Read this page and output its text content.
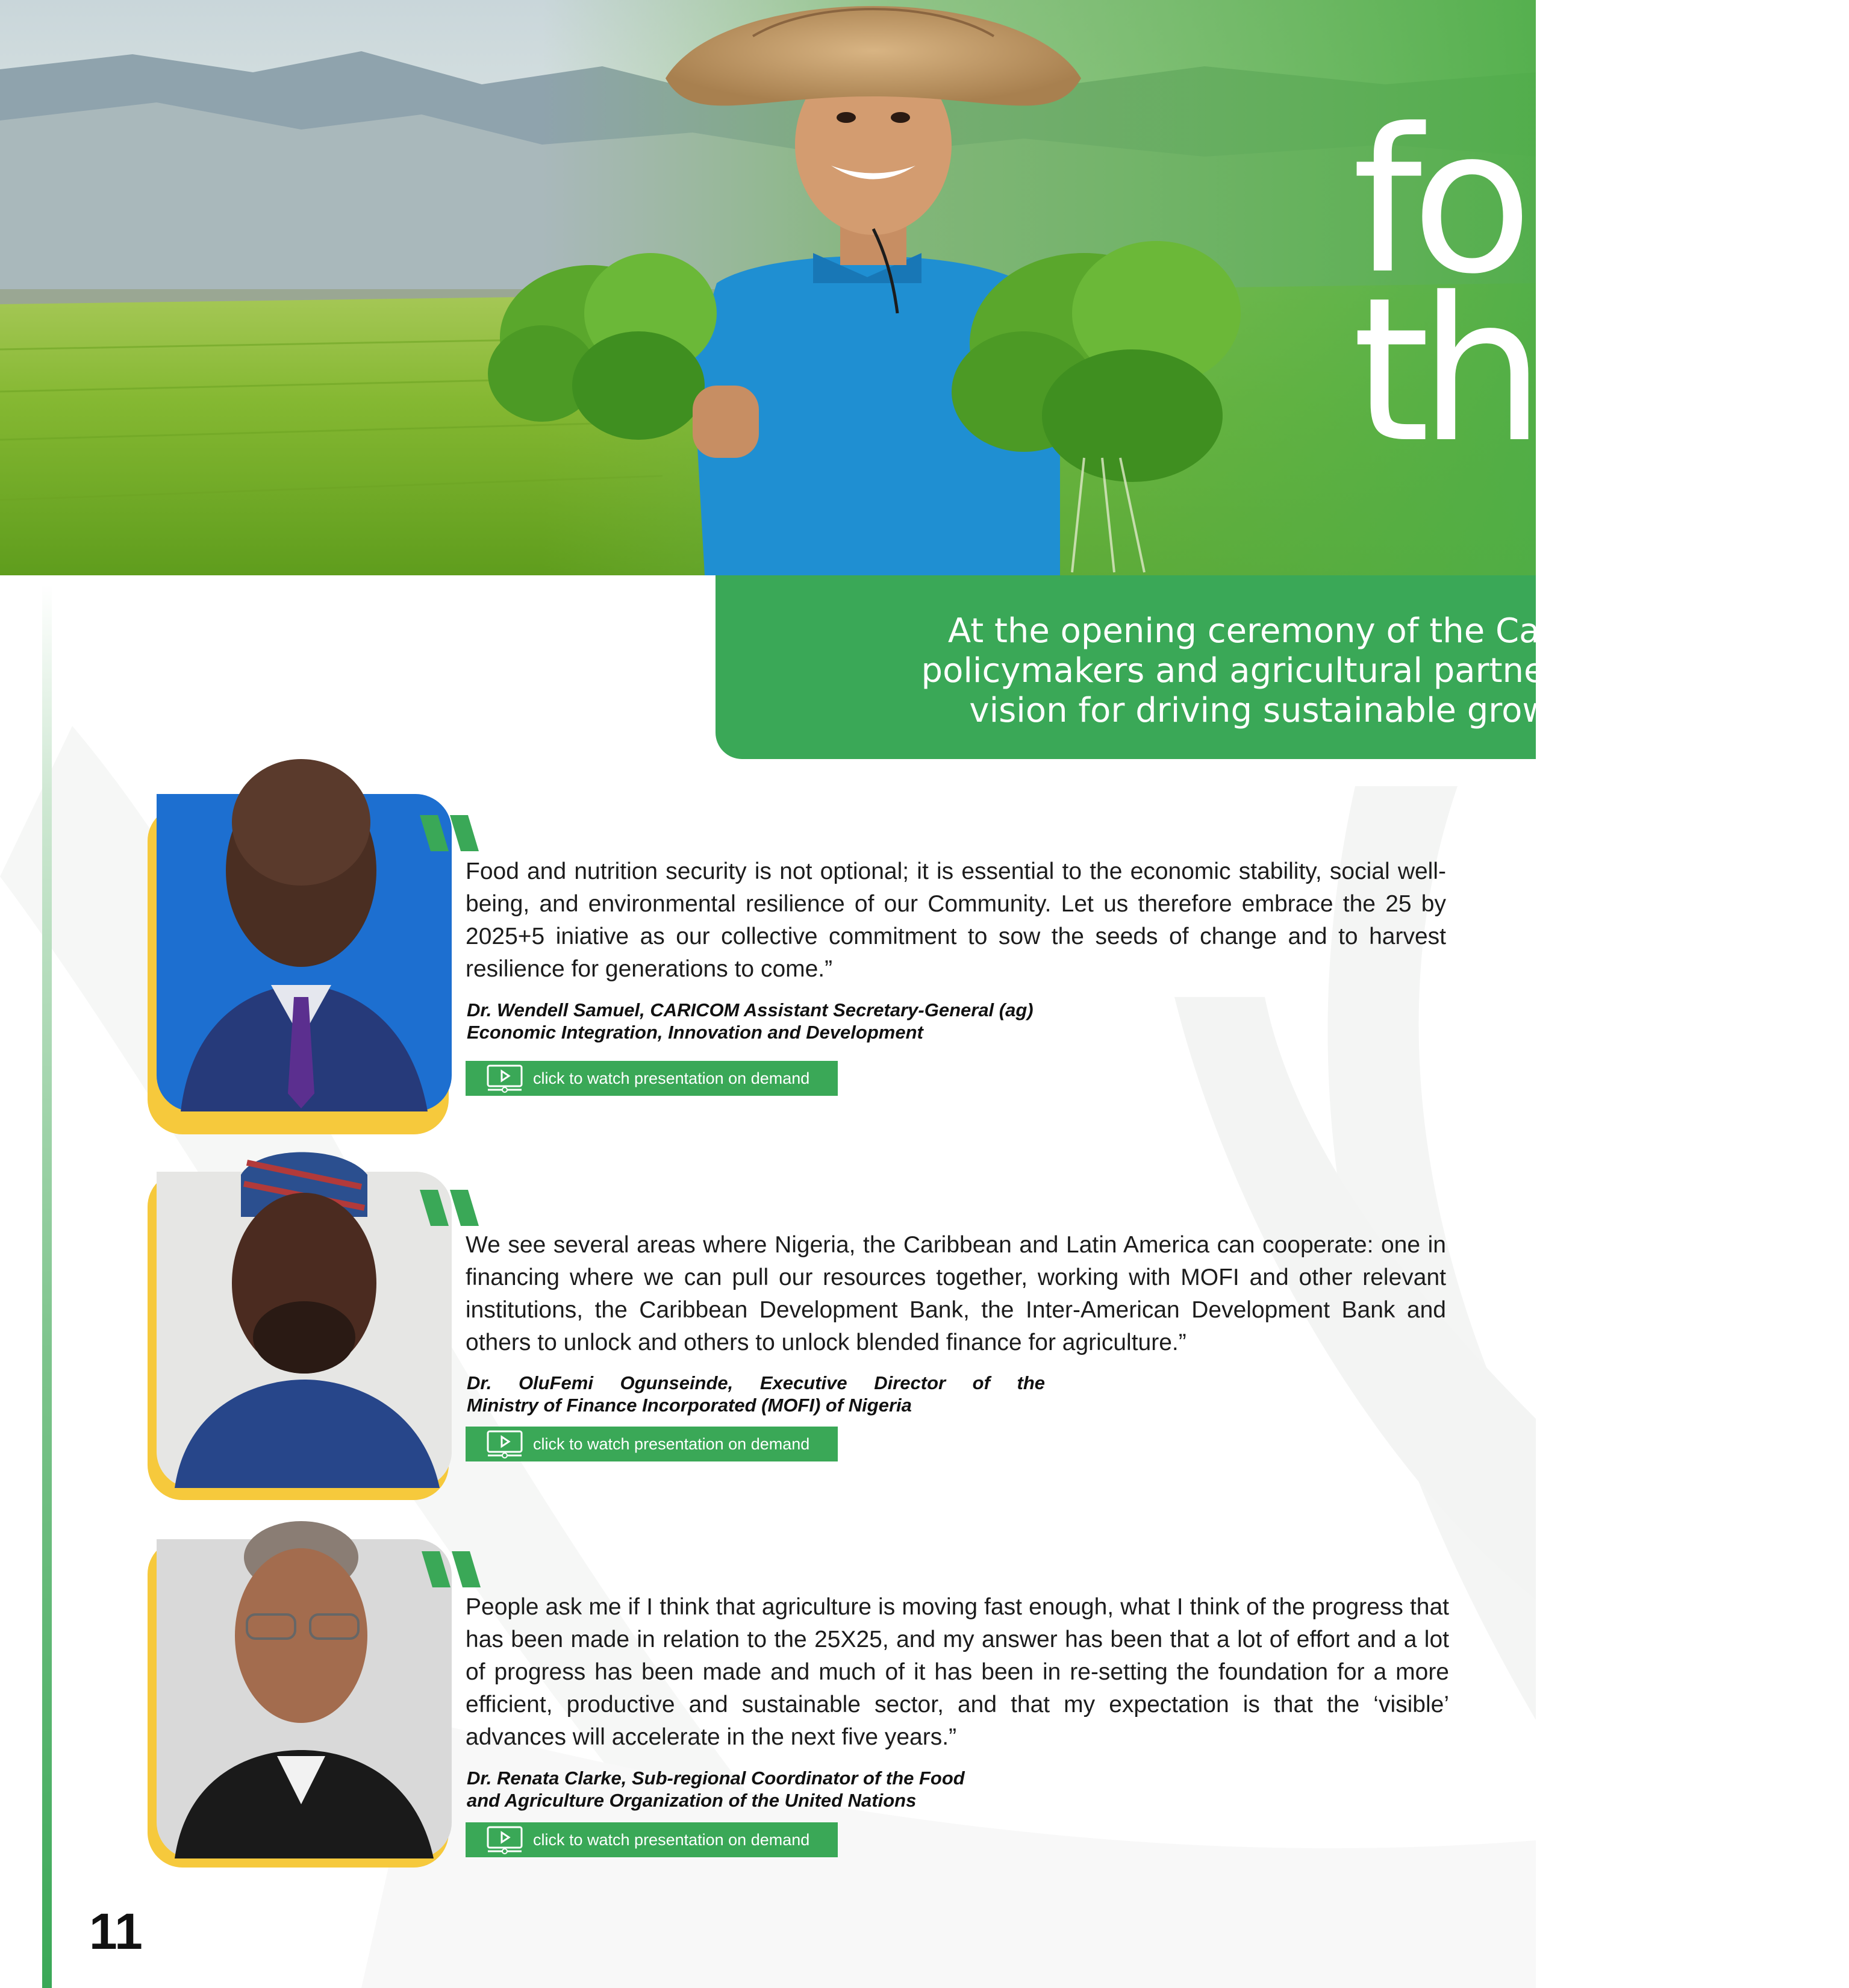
fo
th

At the opening ceremony of the Caribb
policymakers and agricultural partners ref
vision for driving sustainable growth

Food and nutrition security is not optional; it is essential to the economic stability, social well-being, and environmental resilience of our Community. Let us therefore embrace the 25 by 2025+5 iniative as our collective commitment to sow the seeds of change and to harvest resilience for generations to come.”

Dr. Wendell Samuel, CARICOM Assistant Secretary-General (ag)
Economic Integration, Innovation and Development

click to watch presentation on demand

We see several areas where Nigeria, the Caribbean and Latin America can cooperate: one in financing where we can pull our resources together, working with MOFI and other relevant institutions, the Caribbean Development Bank, the Inter-American Development Bank and others to unlock and others to unlock blended finance for agriculture.”

Dr. OluFemi Ogunseinde, Executive Director of the
Ministry of Finance Incorporated (MOFI) of Nigeria

click to watch presentation on demand

People ask me if I think that agriculture is moving fast enough, what I think of the progress that has been made in relation to the 25X25, and my answer has been that a lot of effort and a lot of progress has been made and much of it has been in re-setting the foundation for a more efficient, productive and sustainable sector, and that my expectation is that the ‘visible’ advances will accelerate in the next five years.”

Dr. Renata Clarke, Sub-regional Coordinator of the Food
and Agriculture Organization of the United Nations

click to watch presentation on demand

11
